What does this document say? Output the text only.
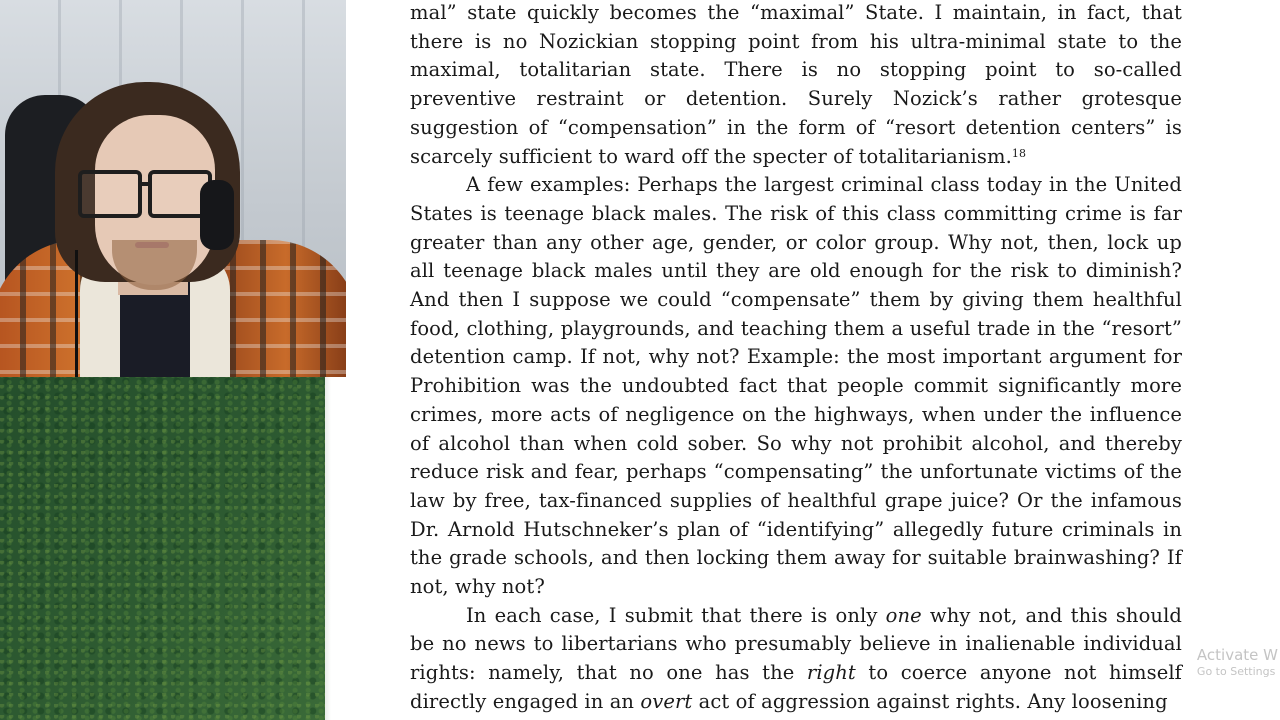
mal” state quickly becomes the “maximal” State. I maintain, in fact, that there is no Nozickian stopping point from his ultra-minimal state to the maximal, totalitarian state. There is no stopping point to so-called preventive restraint or detention. Surely Nozick’s rather grotesque suggestion of “compensation” in the form of “resort detention centers” is scarcely sufficient to ward off the specter of totalitarianism.$^{18}$

A few examples: Perhaps the largest criminal class today in the United States is teenage black males. The risk of this class committing crime is far greater than any other age, gender, or color group. Why not, then, lock up all teenage black males until they are old enough for the risk to diminish? And then I suppose we could “compensate” them by giving them healthful food, clothing, playgrounds, and teaching them a useful trade in the “resort” detention camp. If not, why not? Example: the most important argument for Prohibition was the undoubted fact that people commit significantly more crimes, more acts of negligence on the highways, when under the influence of alcohol than when cold sober. So why not prohibit alcohol, and thereby reduce risk and fear, perhaps “compensating” the unfortunate victims of the law by free, tax-financed supplies of healthful grape juice? Or the infamous Dr. Arnold Hutschneker’s plan of “identifying” allegedly future criminals in the grade schools, and then locking them away for suitable brainwashing? If not, why not?

In each case, I submit that there is only one why not, and this should be no news to libertarians who presumably believe in inalienable individual rights: namely, that no one has the right to coerce anyone not himself directly engaged in an overt act of aggression against rights. Any loosening

Activate W
Go to Settings
